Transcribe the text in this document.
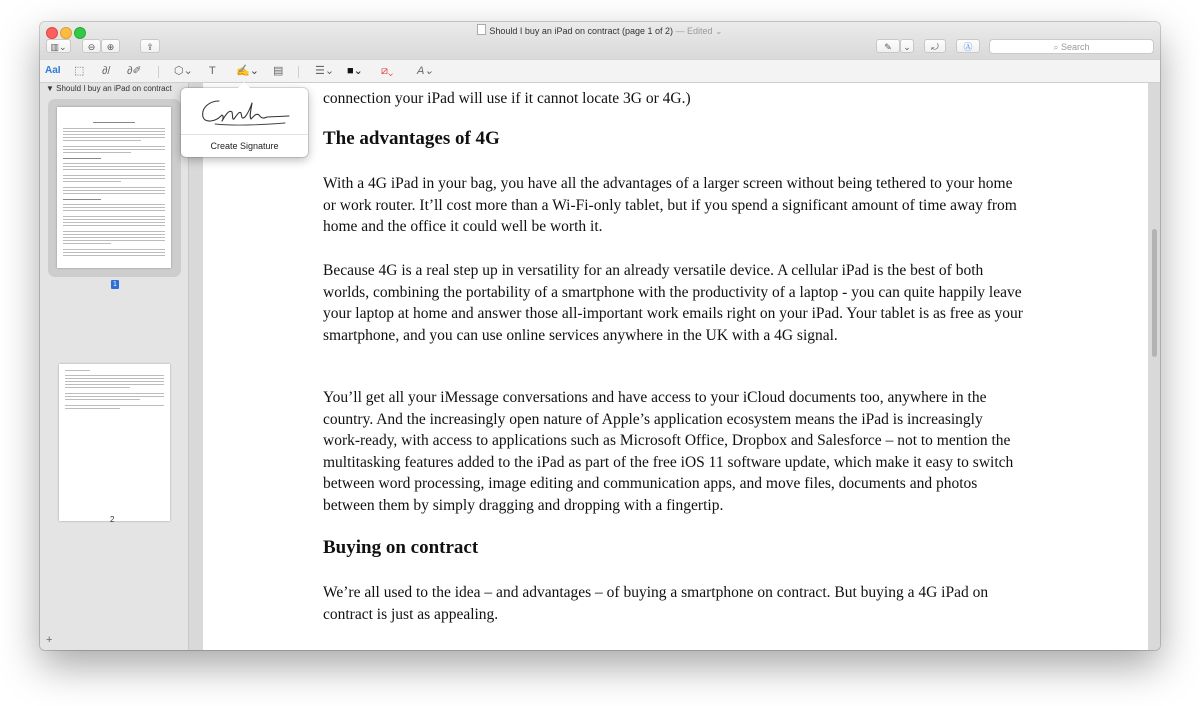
Should I buy an iPad on contract (page 1 of 2) — Edited ⌄
▥⌄	⊖	⊕	⇪	✎	⌄	⤾	Ⓐ	⌕ Search
AaI ⬚ ∂/ ∂✐	⬡⌄ T ✍⌄ ▤	☰⌄ ■⌄ ⧄⌄ A⌄
▼ Should I buy an iPad on contract
1
2
+

connection your iPad will use if it cannot locate 3G or 4G.)

The advantages of 4G

With a 4G iPad in your bag, you have all the advantages of a larger screen without being tethered to your home or work router. It’ll cost more than a Wi-Fi-only tablet, but if you spend a significant amount of time away from home and the office it could well be worth it.

Because 4G is a real step up in versatility for an already versatile device. A cellular iPad is the best of both worlds, combining the portability of a smartphone with the productivity of a laptop - you can quite happily leave your laptop at home and answer those all-important work emails right on your iPad. Your tablet is as free as your smartphone, and you can use online services anywhere in the UK with a 4G signal.

You’ll get all your iMessage conversations and have access to your iCloud documents too, anywhere in the country. And the increasingly open nature of Apple’s application ecosystem means the iPad is increasingly work-ready, with access to applications such as Microsoft Office, Dropbox and Salesforce – not to mention the multitasking features added to the iPad as part of the free iOS 11 software update, which make it easy to switch between word processing, image editing and communication apps, and move files, documents and photos between them by simply dragging and dropping with a fingertip.

Buying on contract

We’re all used to the idea – and advantages – of buying a smartphone on contract. But buying a 4G iPad on contract is just as appealing.

Create Signature
